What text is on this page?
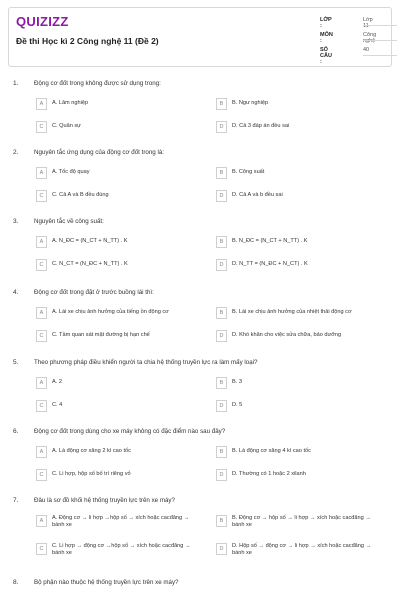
QUIZIZZ
Đề thi Học kì 2 Công nghệ 11 (Đề 2)
LỚP :
Lớp 11
MÔN :
Công nghệ
SỐ CÂU :
40
1.	Động cơ đốt trong không được sử dụng trong:
A	A. Lâm nghiệp	B	B. Ngư nghiệp
C	C. Quân sự	D	D. Cả 3 đáp án đều sai
2.	Nguyên tắc ứng dụng của động cơ đốt trong là:
A	A. Tốc độ quay	B	B. Công suất
C	C. Cả A và B đều đúng	D	D. Cả A và b đều sai
3.	Nguyên tắc về công suất:
A	A. N_ĐC = (N_CT + N_TT) . K	B	B. N_ĐC = (N_CT + N_TT) . K
C	C. N_CT = (N_ĐC + N_TT) . K	D	D. N_TT = (N_ĐC + N_CT) . K
4.	Động cơ đốt trong đặt ở trước buồng lái thì:
A	A. Lái xe chịu ảnh hưởng của tiếng ồn động cơ	B	B. Lái xe chịu ảnh hưởng của nhiệt thải động cơ
C	C. Tầm quan sát mặt đường bị hạn chế	D	D. Khó khăn cho việc sửa chữa, bảo dưỡng
5.	Theo phương pháp điều khiển người ta chia hệ thống truyền lực ra làm mấy loại?
A	A. 2	B	B. 3
C	C. 4	D	D. 5
6.	Động cơ đốt trong dùng cho xe máy không có đặc điểm nào sau đây?
A	A. Là động cơ xăng 2 kì cao tốc	B	B. Là động cơ xăng 4 kì cao tốc
C	C. Li hợp, hộp số bố trí riêng vỏ	D	D. Thường có 1 hoặc 2 xilanh
7.	Đâu là sơ đồ khối hệ thống truyền lực trên xe máy?
A	A. Động cơ → li hợp →hộp số → xích hoặc cacđăng → bánh xe
B	B. Động cơ → hộp số → li hợp → xích hoặc cacđăng → bánh xe
C	C. Li hợp → động cơ →hộp số → xích hoặc cacđăng → bánh xe
D	D. Hộp số → động cơ → li hợp → xích hoặc cacđăng → bánh xe
8.	Bộ phận nào thuộc hệ thống truyền lực trên xe máy?
